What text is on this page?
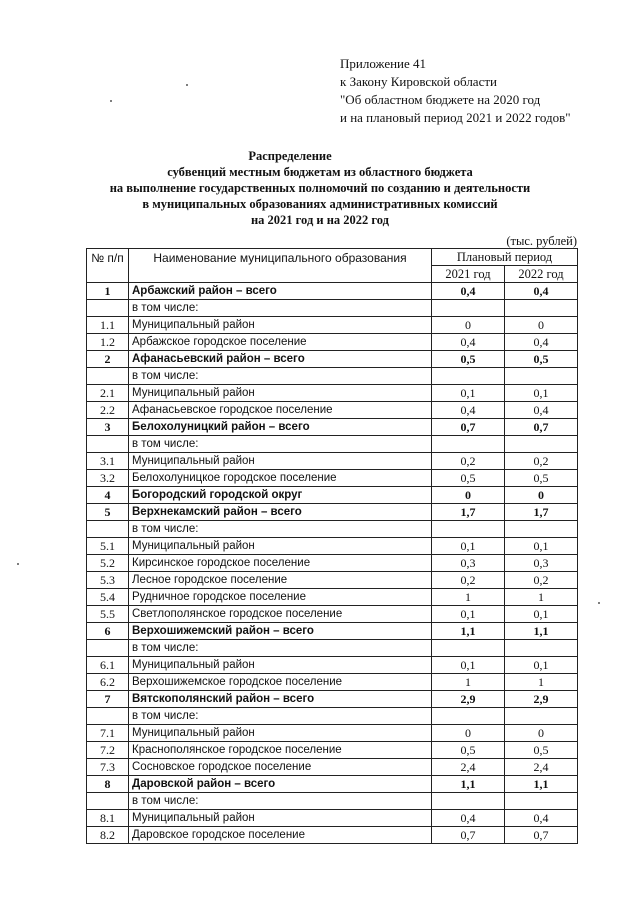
Приложение 41
к Закону Кировской области
"Об областном бюджете на 2020 год
и на плановый период 2021 и 2022 годов"
Распределение
субвенций местным бюджетам из областного бюджета
на выполнение государственных полномочий по созданию и деятельности
в муниципальных образованиях административных комиссий
на 2021 год и на 2022 год
(тыс. рублей)
№ п/п	Наименование муниципального образования	Плановый период	
		2021 год	2022 год
1	Арбажский район – всего	0,4	0,4
	в том числе:		
1.1	Муниципальный район	0	0
1.2	Арбажское городское поселение	0,4	0,4
2	Афанасьевский район – всего	0,5	0,5
	в том числе:		
2.1	Муниципальный район	0,1	0,1
2.2	Афанасьевское городское поселение	0,4	0,4
3	Белохолуницкий район – всего	0,7	0,7
	в том числе:		
3.1	Муниципальный район	0,2	0,2
3.2	Белохолуницкое городское поселение	0,5	0,5
4	Богородский городской округ	0	0
5	Верхнекамский район – всего	1,7	1,7
	в том числе:		
5.1	Муниципальный район	0,1	0,1
5.2	Кирсинское городское поселение	0,3	0,3
5.3	Лесное городское поселение	0,2	0,2
5.4	Рудничное городское поселение	1	1
5.5	Светлополянское городское поселение	0,1	0,1
6	Верхошижемский район – всего	1,1	1,1
	в том числе:		
6.1	Муниципальный район	0,1	0,1
6.2	Верхошижемское городское поселение	1	1
7	Вятскополянский район – всего	2,9	2,9
	в том числе:		
7.1	Муниципальный район	0	0
7.2	Краснополянское городское поселение	0,5	0,5
7.3	Сосновское городское поселение	2,4	2,4
8	Даровской район – всего	1,1	1,1
	в том числе:		
8.1	Муниципальный район	0,4	0,4
8.2	Даровское городское поселение	0,7	0,7
